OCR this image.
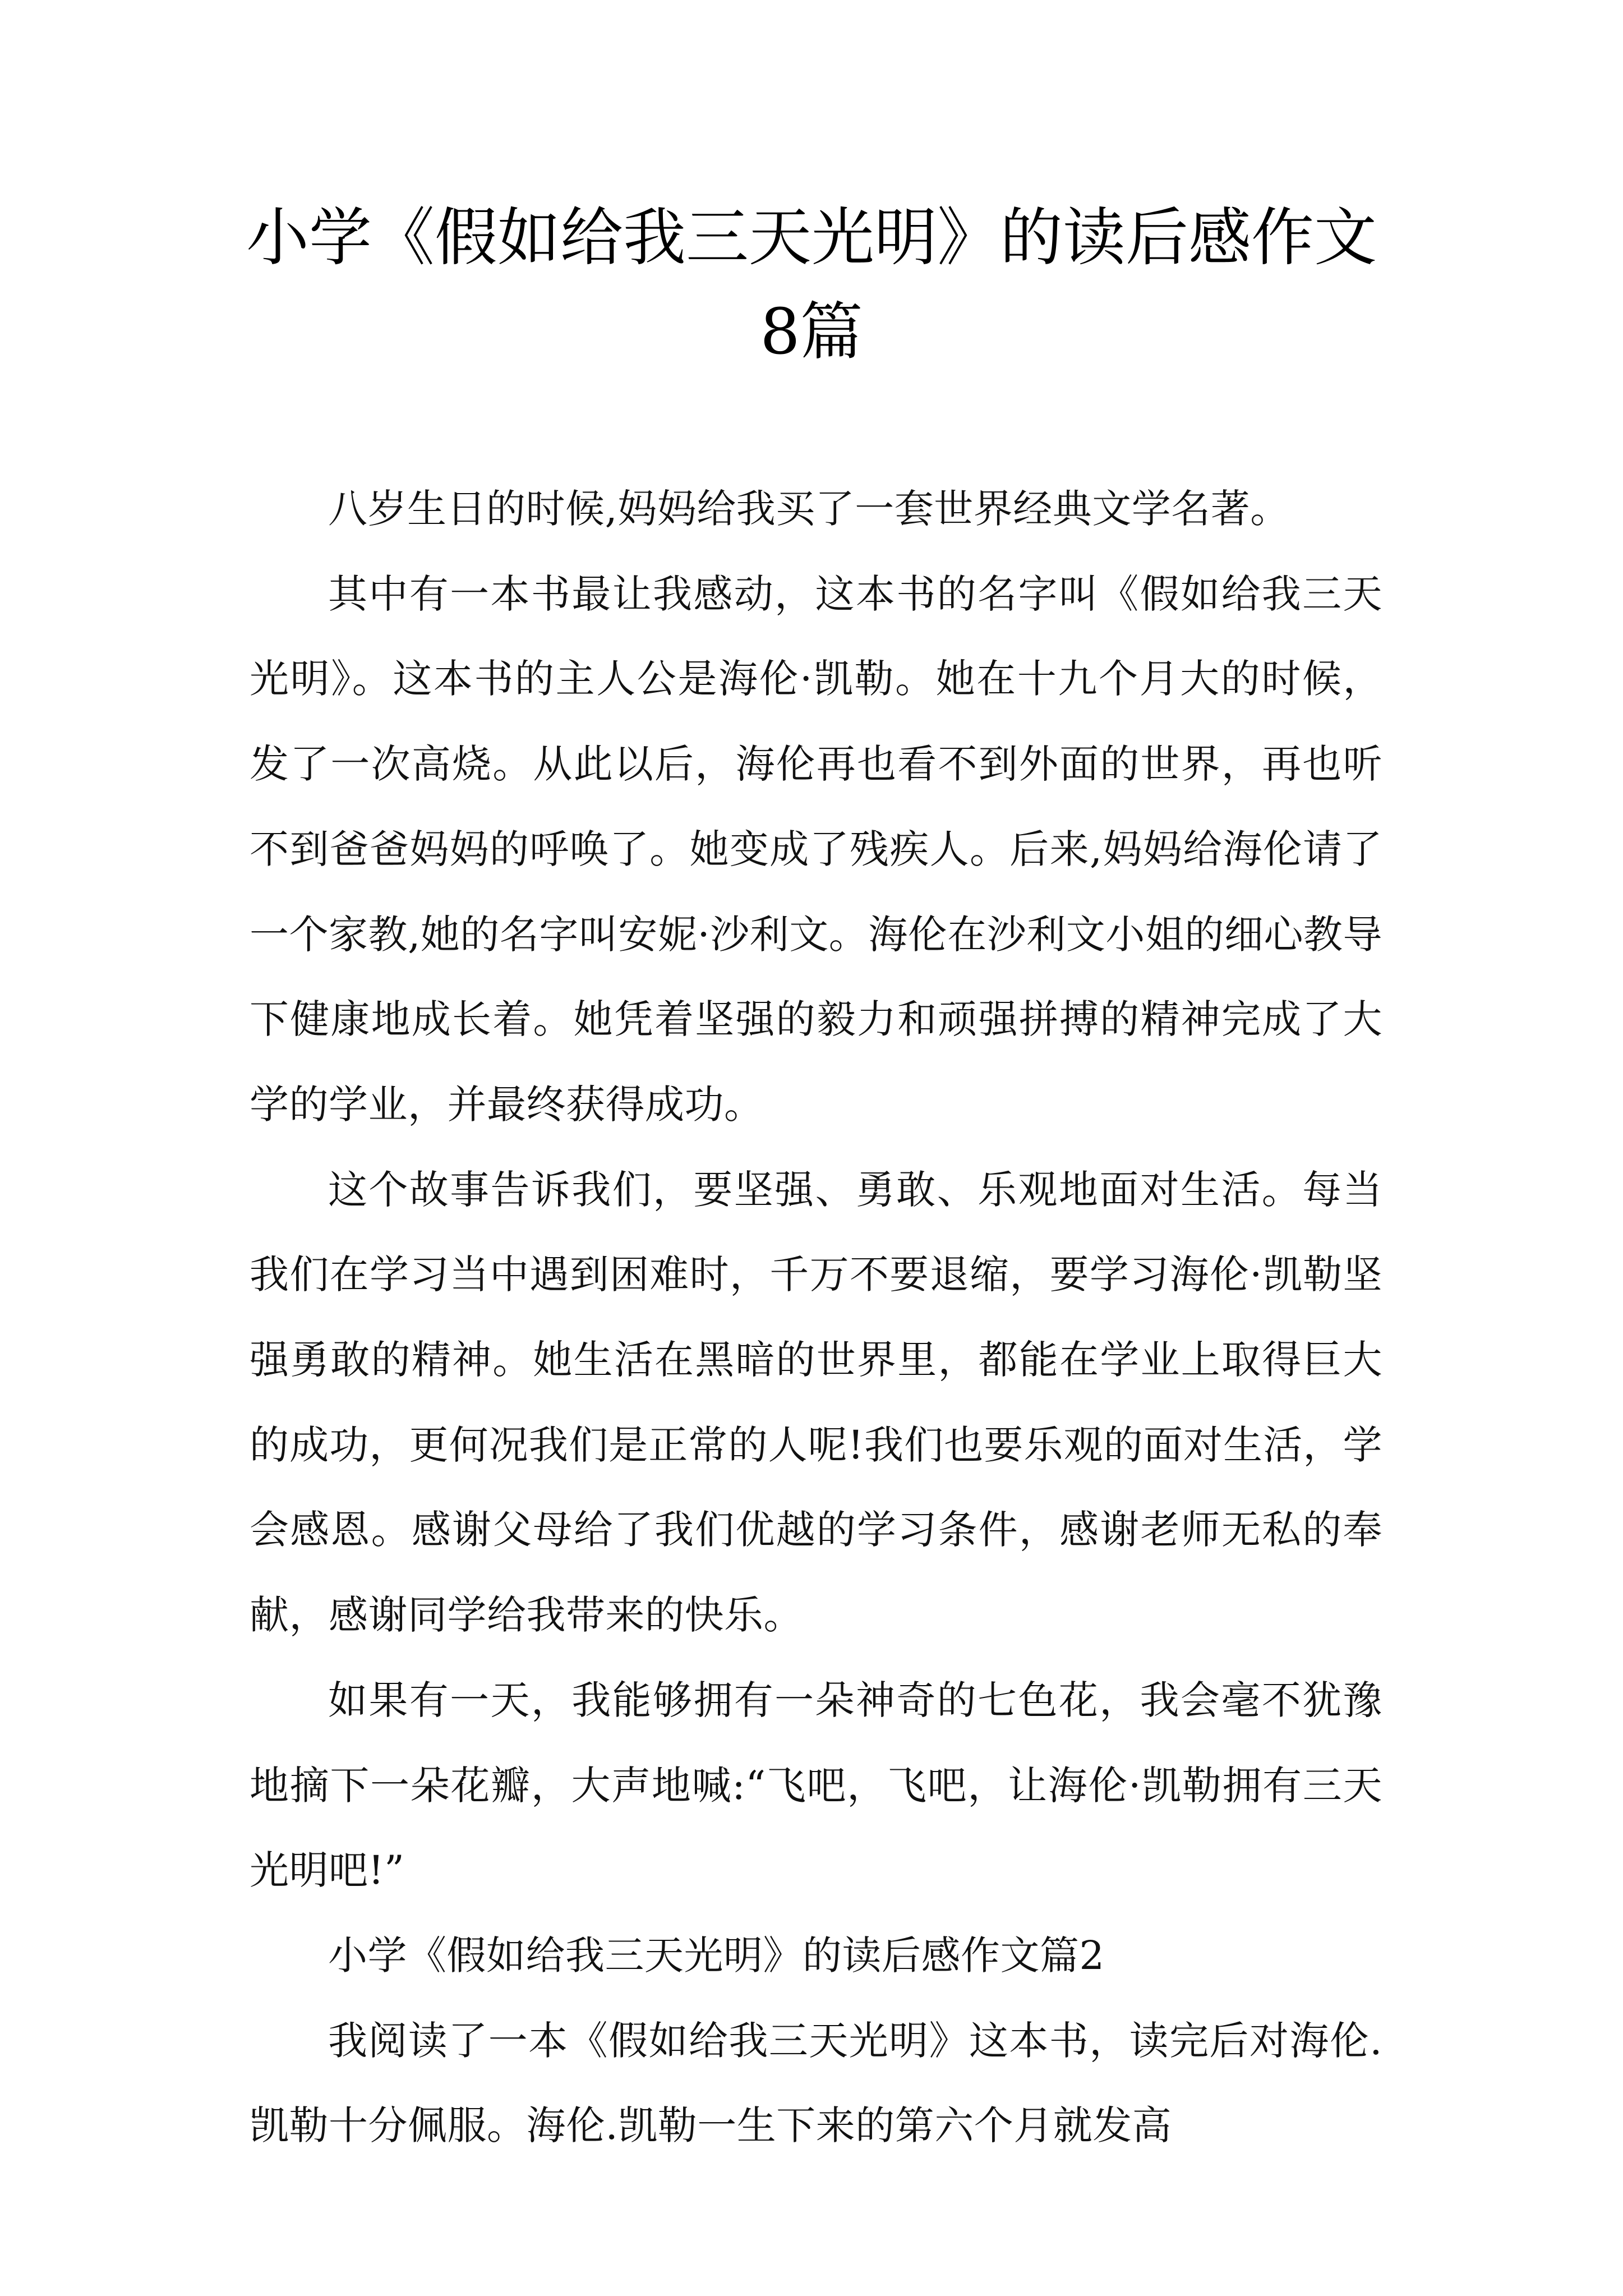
小学《假如给我三天光明》的读后感作文8篇

八岁生日的时候,妈妈给我买了一套世界经典文学名著。

其中有一本书最让我感动，这本书的名字叫《假如给我三天光明》。这本书的主人公是海伦·凯勒。她在十九个月大的时候，发了一次高烧。从此以后，海伦再也看不到外面的世界，再也听不到爸爸妈妈的呼唤了。她变成了残疾人。后来,妈妈给海伦请了一个家教,她的名字叫安妮·沙利文。海伦在沙利文小姐的细心教导下健康地成长着。她凭着坚强的毅力和顽强拼搏的精神完成了大学的学业，并最终获得成功。

这个故事告诉我们，要坚强、勇敢、乐观地面对生活。每当我们在学习当中遇到困难时，千万不要退缩，要学习海伦·凯勒坚强勇敢的精神。她生活在黑暗的世界里，都能在学业上取得巨大的成功，更何况我们是正常的人呢!我们也要乐观的面对生活，学会感恩。感谢父母给了我们优越的学习条件，感谢老师无私的奉献，感谢同学给我带来的快乐。

如果有一天，我能够拥有一朵神奇的七色花，我会毫不犹豫地摘下一朵花瓣，大声地喊:“飞吧，飞吧，让海伦·凯勒拥有三天光明吧!”

小学《假如给我三天光明》的读后感作文篇2

我阅读了一本《假如给我三天光明》这本书，读完后对海伦.凯勒十分佩服。海伦.凯勒一生下来的第六个月就发高
